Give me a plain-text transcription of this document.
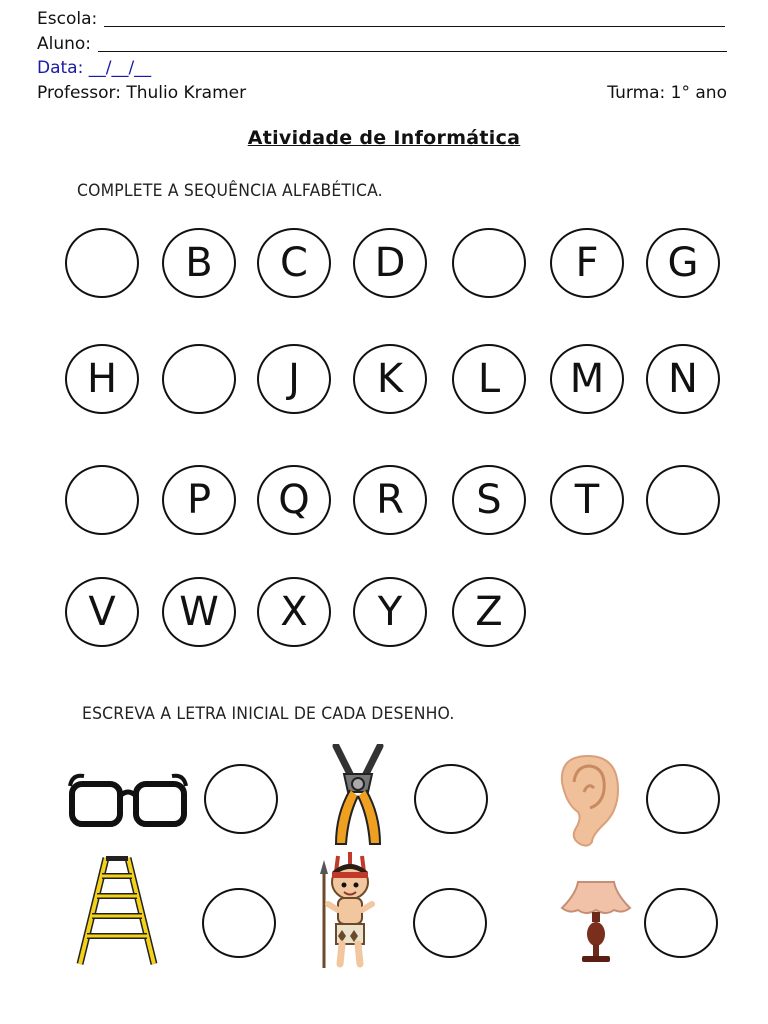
Escola:
Aluno:
Data: __/__/__
Professor: Thulio Kramer	Turma: 1° ano
Atividade de Informática
COMPLETE A SEQUÊNCIA ALFABÉTICA.
B C D	F G
H	J K L M N
P Q R S T
V W X Y Z
ESCREVA A LETRA INICIAL DE CADA DESENHO.
